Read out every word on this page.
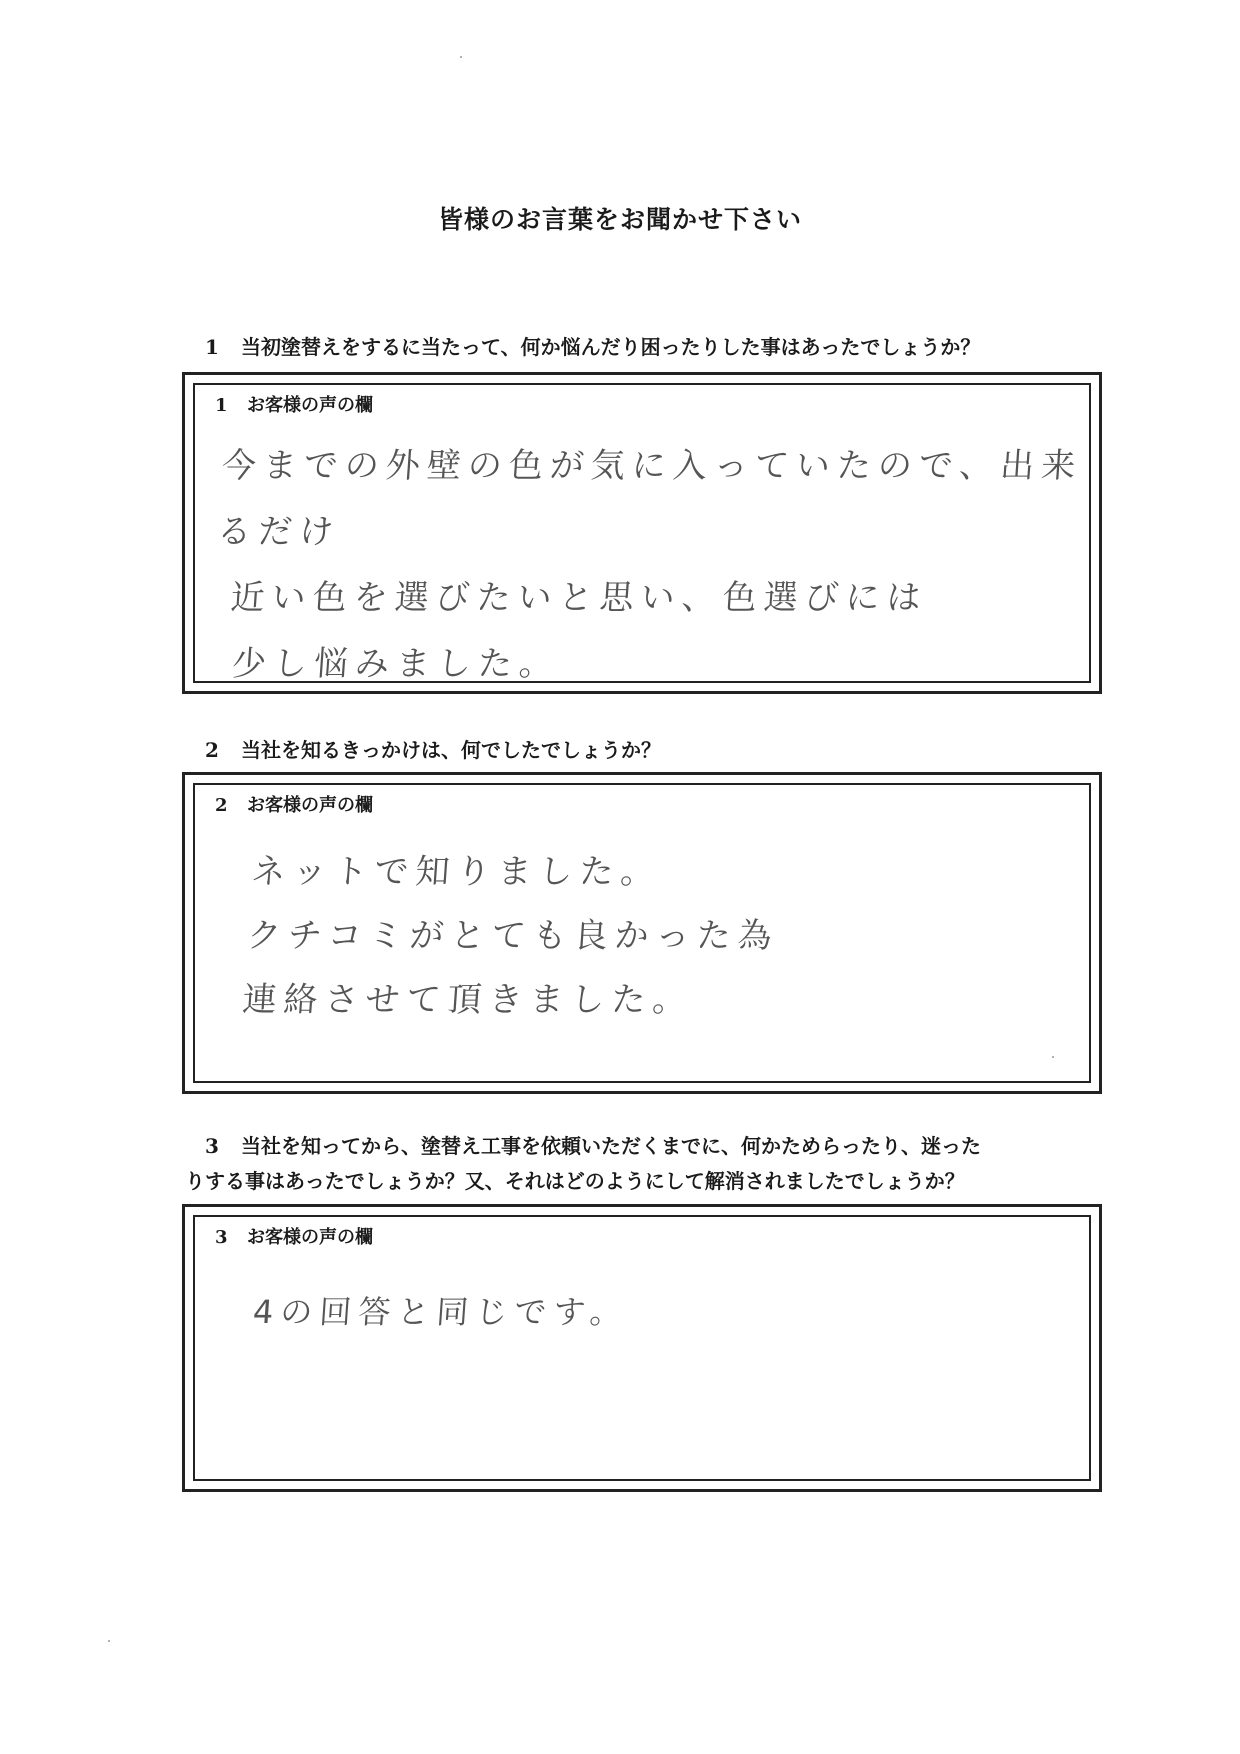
皆様のお言葉をお聞かせ下さい
1 当初塗替えをするに当たって、何か悩んだり困ったりした事はあったでしょうか？
1 お客様の声の欄
今までの外壁の色が気に入っていたので、出来るだけ
近い色を選びたいと思い、色選びには
少し悩みました。
2 当社を知るきっかけは、何でしたでしょうか？
2 お客様の声の欄
ネットで知りました。
クチコミがとても良かった為
連絡させて頂きました。
3 当社を知ってから、塗替え工事を依頼いただくまでに、何かためらったり、迷った
りする事はあったでしょうか？又、それはどのようにして解消されましたでしょうか？
3 お客様の声の欄
4の回答と同じです。
